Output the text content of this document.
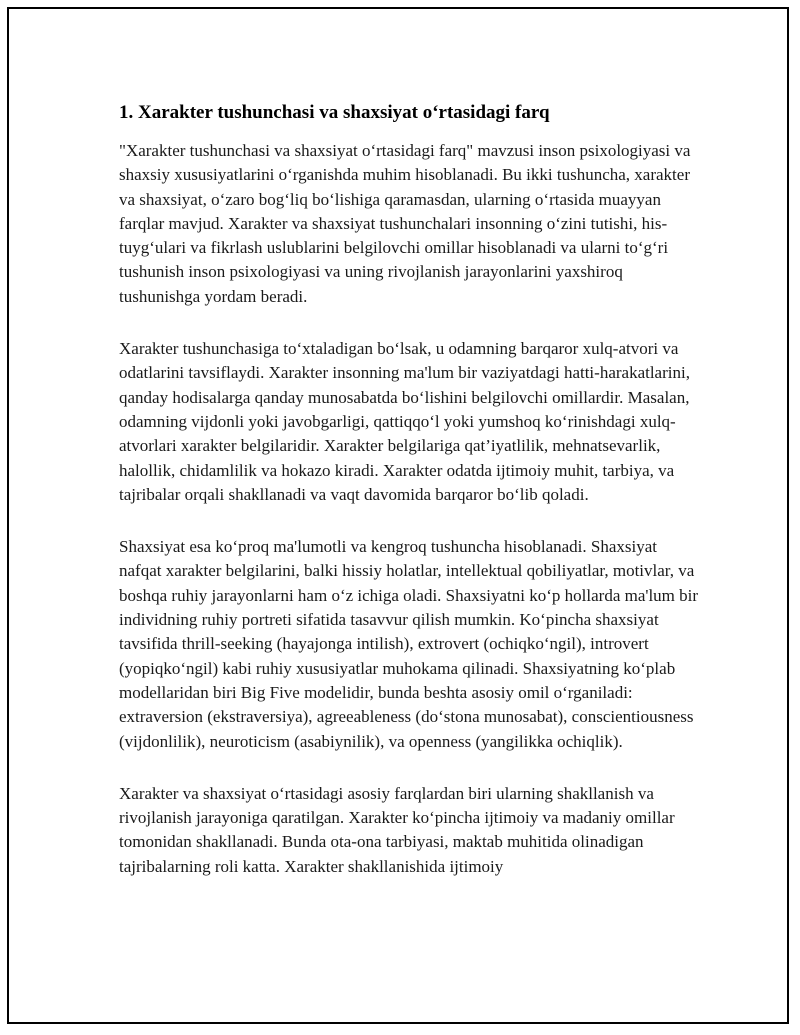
1. Xarakter tushunchasi va shaxsiyat o‘rtasidagi farq

"Xarakter tushunchasi va shaxsiyat o‘rtasidagi farq" mavzusi inson psixologiyasi va shaxsiy xususiyatlarini o‘rganishda muhim hisoblanadi. Bu ikki tushuncha, xarakter va shaxsiyat, o‘zaro bog‘liq bo‘lishiga qaramasdan, ularning o‘rtasida muayyan farqlar mavjud. Xarakter va shaxsiyat tushunchalari insonning o‘zini tutishi, his-tuyg‘ulari va fikrlash uslublarini belgilovchi omillar hisoblanadi va ularni to‘g‘ri tushunish inson psixologiyasi va uning rivojlanish jarayonlarini yaxshiroq tushunishga yordam beradi.

Xarakter tushunchasiga to‘xtaladigan bo‘lsak, u odamning barqaror xulq-atvori va odatlarini tavsiflaydi. Xarakter insonning ma'lum bir vaziyatdagi hatti-harakatlarini, qanday hodisalarga qanday munosabatda bo‘lishini belgilovchi omillardir. Masalan, odamning vijdonli yoki javobgarligi, qattiqqo‘l yoki yumshoq ko‘rinishdagi xulq-atvorlari xarakter belgilaridir. Xarakter belgilariga qat’iyatlilik, mehnatsevarlik, halollik, chidamlilik va hokazo kiradi. Xarakter odatda ijtimoiy muhit, tarbiya, va tajribalar orqali shakllanadi va vaqt davomida barqaror bo‘lib qoladi.

Shaxsiyat esa ko‘proq ma'lumotli va kengroq tushuncha hisoblanadi. Shaxsiyat nafqat xarakter belgilarini, balki hissiy holatlar, intellektual qobiliyatlar, motivlar, va boshqa ruhiy jarayonlarni ham o‘z ichiga oladi. Shaxsiyatni ko‘p hollarda ma'lum bir individning ruhiy portreti sifatida tasavvur qilish mumkin. Ko‘pincha shaxsiyat tavsifida thrill-seeking (hayajonga intilish), extrovert (ochiqko‘ngil), introvert (yopiqko‘ngil) kabi ruhiy xususiyatlar muhokama qilinadi. Shaxsiyatning ko‘plab modellaridan biri Big Five modelidir, bunda beshta asosiy omil o‘rganiladi: extraversion (ekstraversiya), agreeableness (do‘stona munosabat), conscientiousness (vijdonlilik), neuroticism (asabiynilik), va openness (yangilikka ochiqlik).

Xarakter va shaxsiyat o‘rtasidagi asosiy farqlardan biri ularning shakllanish va rivojlanish jarayoniga qaratilgan. Xarakter ko‘pincha ijtimoiy va madaniy omillar tomonidan shakllanadi. Bunda ota-ona tarbiyasi, maktab muhitida olinadigan tajribalarning roli katta. Xarakter shakllanishida ijtimoiy
